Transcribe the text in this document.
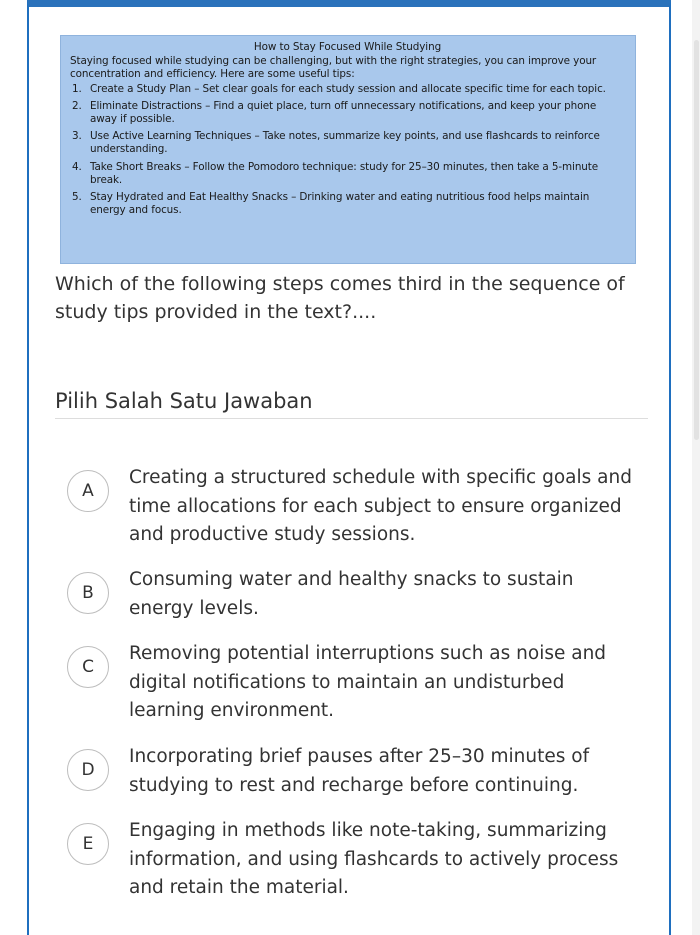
How to Stay Focused While Studying

Staying focused while studying can be challenging, but with the right strategies, you can improve your concentration and efficiency. Here are some useful tips:

1. Create a Study Plan – Set clear goals for each study session and allocate specific time for each topic.
2. Eliminate Distractions – Find a quiet place, turn off unnecessary notifications, and keep your phone away if possible.
3. Use Active Learning Techniques – Take notes, summarize key points, and use flashcards to reinforce understanding.
4. Take Short Breaks – Follow the Pomodoro technique: study for 25–30 minutes, then take a 5-minute break.
5. Stay Hydrated and Eat Healthy Snacks – Drinking water and eating nutritious food helps maintain energy and focus.
Which of the following steps comes third in the sequence of study tips provided in the text?....
Pilih Salah Satu Jawaban
A
Creating a structured schedule with specific goals and time allocations for each subject to ensure organized and productive study sessions.
B
Consuming water and healthy snacks to sustain energy levels.
C
Removing potential interruptions such as noise and digital notifications to maintain an undisturbed learning environment.
D
Incorporating brief pauses after 25–30 minutes of studying to rest and recharge before continuing.
E
Engaging in methods like note-taking, summarizing information, and using flashcards to actively process and retain the material.
